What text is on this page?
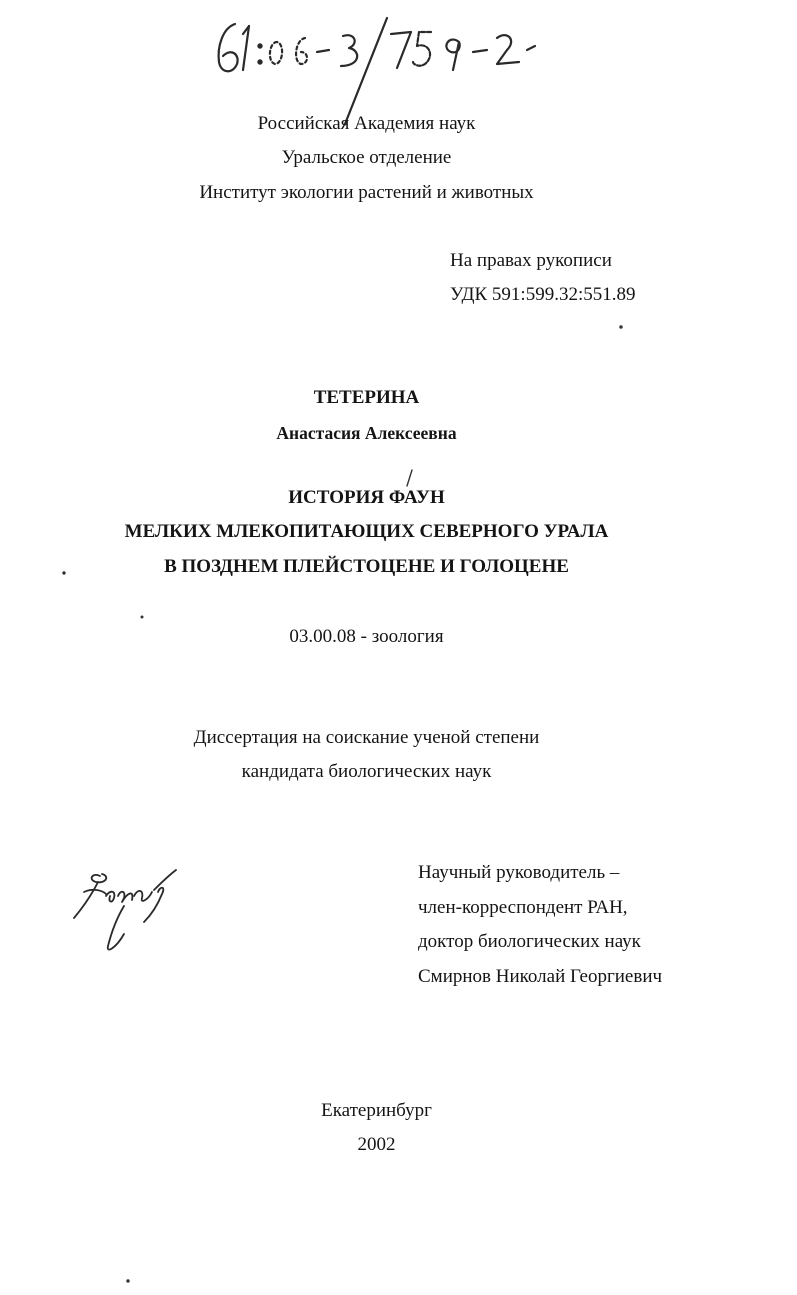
Российская Академия наук
Уральское отделение
Институт экологии растений и животных
На правах рукописи
УДК 591:599.32:551.89
ТЕТЕРИНА
Анастасия Алексеевна
ИСТОРИЯ ФАУН
МЕЛКИХ МЛЕКОПИТАЮЩИХ СЕВЕРНОГО УРАЛА
В ПОЗДНЕМ ПЛЕЙСТОЦЕНЕ И ГОЛОЦЕНЕ
03.00.08 - зоология
Диссертация на соискание ученой степени
кандидата биологических наук
Научный руководитель –
член-корреспондент РАН,
доктор биологических наук
Смирнов Николай Георгиевич
Екатеринбург
2002
